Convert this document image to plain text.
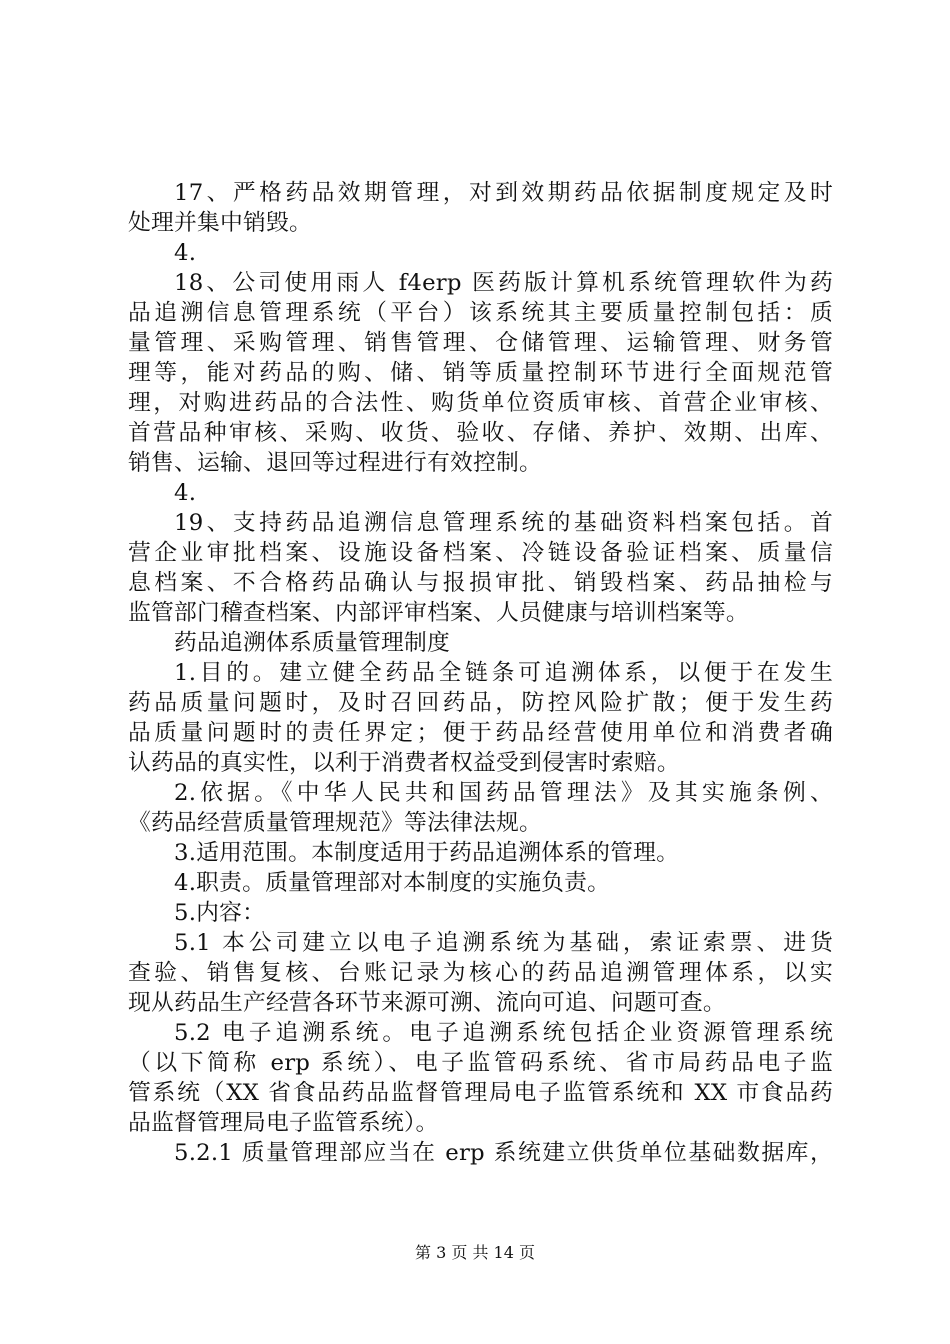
17、严格药品效期管理，对到效期药品依据制度规定及时
处理并集中销毁。
4.
18、公司使用雨人 f4erp 医药版计算机系统管理软件为药
品追溯信息管理系统（平台）该系统其主要质量控制包括：质
量管理、采购管理、销售管理、仓储管理、运输管理、财务管
理等，能对药品的购、储、销等质量控制环节进行全面规范管
理，对购进药品的合法性、购货单位资质审核、首营企业审核、
首营品种审核、采购、收货、验收、存储、养护、效期、出库、
销售、运输、退回等过程进行有效控制。
4.
19、支持药品追溯信息管理系统的基础资料档案包括。首
营企业审批档案、设施设备档案、冷链设备验证档案、质量信
息档案、不合格药品确认与报损审批、销毁档案、药品抽检与
监管部门稽查档案、内部评审档案、人员健康与培训档案等。
药品追溯体系质量管理制度
1.目的。建立健全药品全链条可追溯体系，以便于在发生
药品质量问题时，及时召回药品，防控风险扩散；便于发生药
品质量问题时的责任界定；便于药品经营使用单位和消费者确
认药品的真实性，以利于消费者权益受到侵害时索赔。
2.依据。《中华人民共和国药品管理法》及其实施条例、
《药品经营质量管理规范》等法律法规。
3.适用范围。本制度适用于药品追溯体系的管理。
4.职责。质量管理部对本制度的实施负责。
5.内容：
5.1 本公司建立以电子追溯系统为基础，索证索票、进货
查验、销售复核、台账记录为核心的药品追溯管理体系，以实
现从药品生产经营各环节来源可溯、流向可追、问题可查。
5.2 电子追溯系统。电子追溯系统包括企业资源管理系统
（以下简称 erp 系统）、电子监管码系统、省市局药品电子监
管系统（XX 省食品药品监督管理局电子监管系统和 XX 市食品药
品监督管理局电子监管系统）。
5.2.1 质量管理部应当在 erp 系统建立供货单位基础数据库，
第 3 页 共 14 页
